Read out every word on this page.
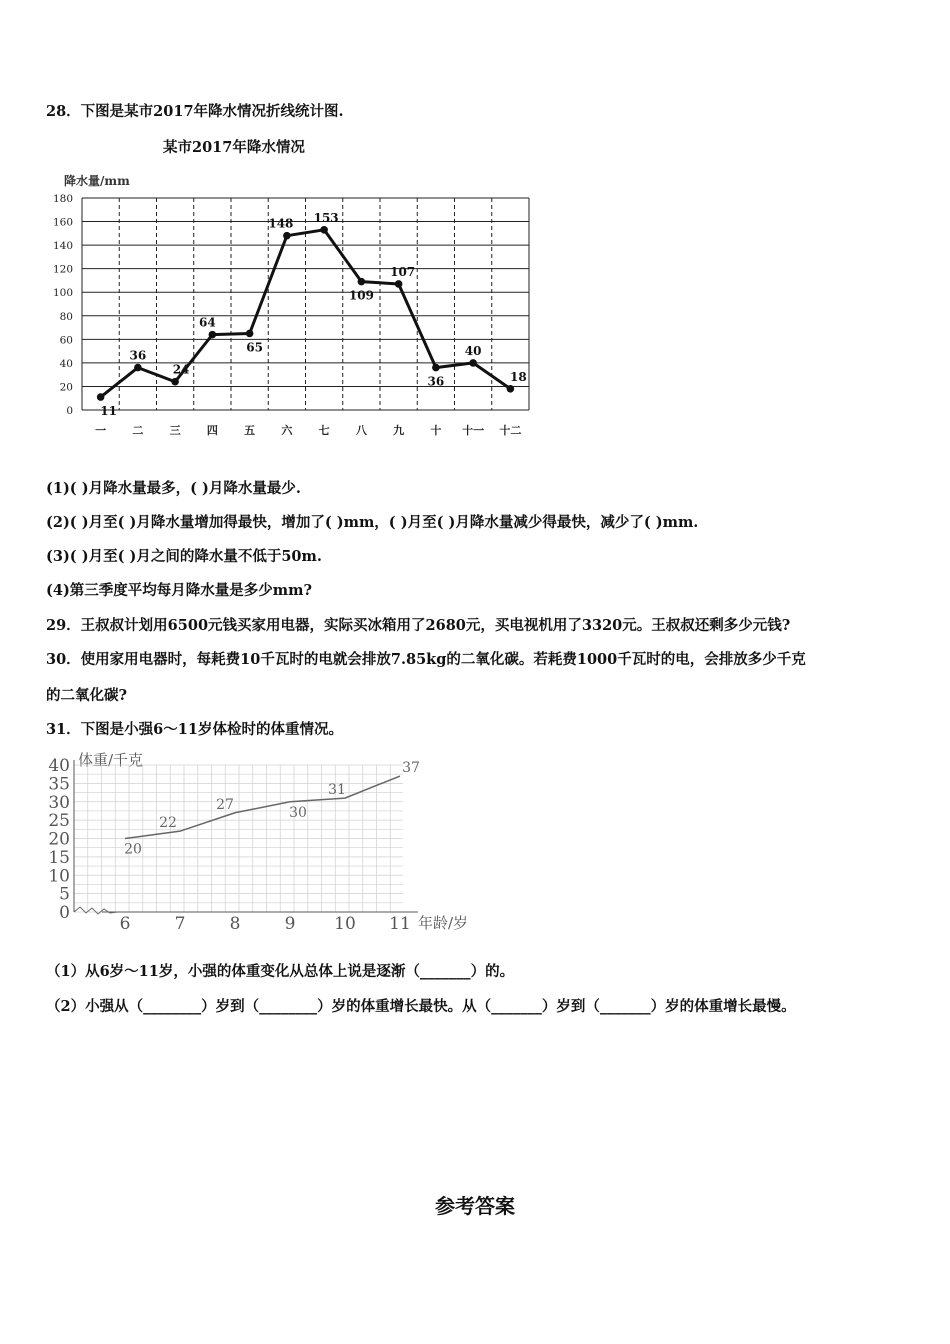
28．下图是某市2017年降水情况折线统计图.
某市2017年降水情况
降水量/mm
0
20
40
60
80
100
120
140
160
180
一 二 三 四 五 六 七 八 九 十 十一 十二
11
36
24
64
65
148 153
109
107
36
40
18
(1)( )月降水量最多，( )月降水量最少.
(2)( )月至( )月降水量增加得最快，增加了( )mm，( )月至( )月降水量减少得最快，减少了( )mm.
(3)( )月至( )月之间的降水量不低于50m.
(4)第三季度平均每月降水量是多少mm?
29．王叔叔计划用6500元钱买家用电器，实际买冰箱用了2680元，买电视机用了3320元。王叔叔还剩多少元钱?
30．使用家用电器时，每耗费10千瓦时的电就会排放7.85kg的二氧化碳。若耗费1000千瓦时的电，会排放多少千克
的二氧化碳?
31．下图是小强6～11岁体检时的体重情况。
体重/千克
年龄/岁
0
5
10
15
20
25
30
35
40
6	7	8	9 10 11
20
22
27	30
31
37
（1）从6岁～11岁，小强的体重变化从总体上说是逐渐（_______）的。
（2）小强从（________）岁到（________）岁的体重增长最快。从（_______）岁到（_______）岁的体重增长最慢。
参考答案
